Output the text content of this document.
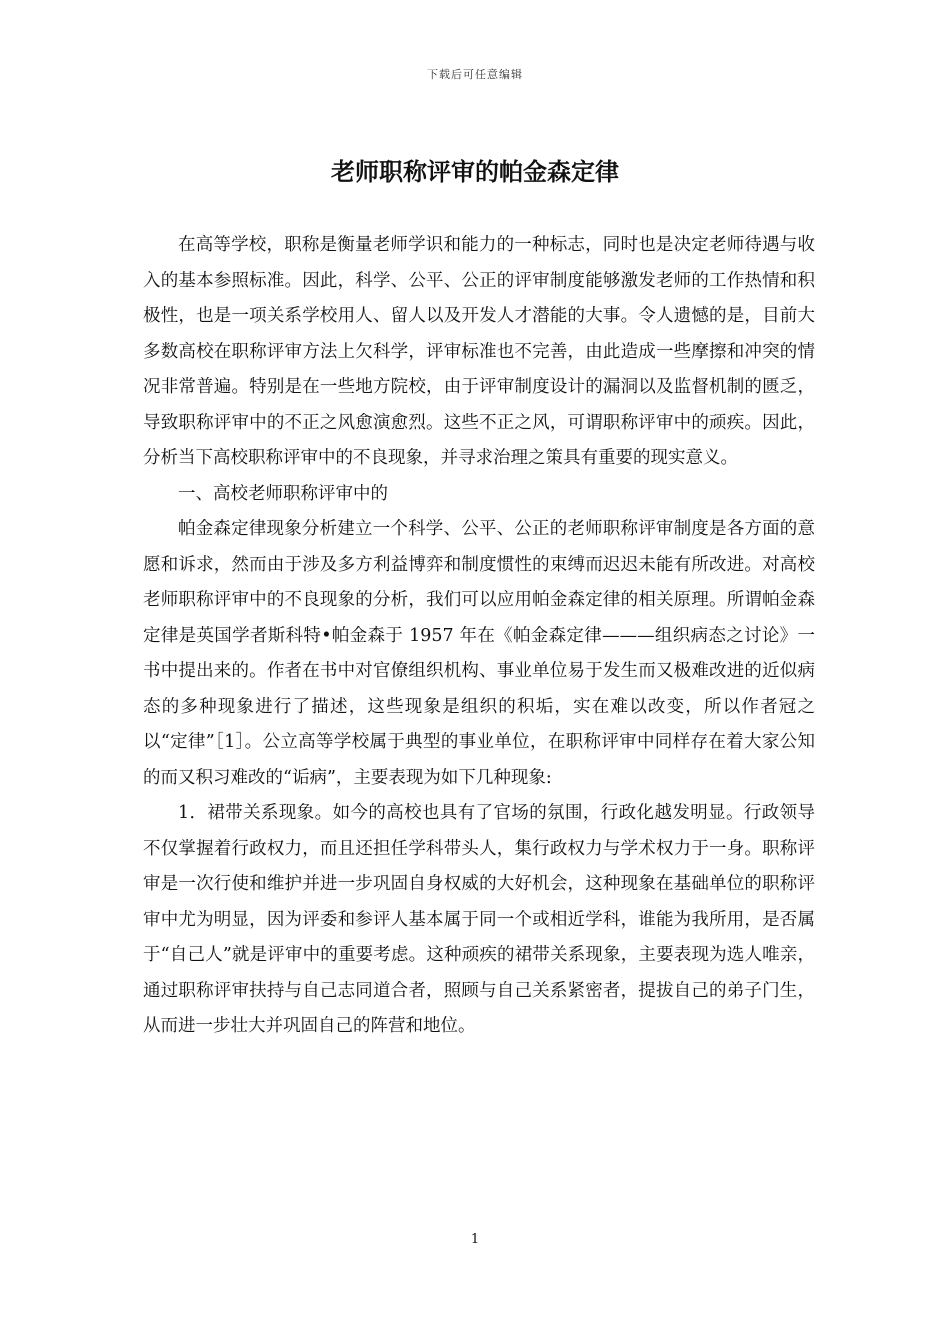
下载后可任意编辑
老师职称评审的帕金森定律

在高等学校，职称是衡量老师学识和能力的一种标志，同时也是决定老师待遇与收入的基本参照标准。因此，科学、公平、公正的评审制度能够激发老师的工作热情和积极性，也是一项关系学校用人、留人以及开发人才潜能的大事。令人遗憾的是，目前大多数高校在职称评审方法上欠科学，评审标准也不完善，由此造成一些摩擦和冲突的情况非常普遍。特别是在一些地方院校，由于评审制度设计的漏洞以及监督机制的匮乏，导致职称评审中的不正之风愈演愈烈。这些不正之风，可谓职称评审中的顽疾。因此，分析当下高校职称评审中的不良现象，并寻求治理之策具有重要的现实意义。

一、高校老师职称评审中的

帕金森定律现象分析建立一个科学、公平、公正的老师职称评审制度是各方面的意愿和诉求，然而由于涉及多方利益博弈和制度惯性的束缚而迟迟未能有所改进。对高校老师职称评审中的不良现象的分析，我们可以应用帕金森定律的相关原理。所谓帕金森定律是英国学者斯科特•帕金森于 1957 年在《帕金森定律———组织病态之讨论》一书中提出来的。作者在书中对官僚组织机构、事业单位易于发生而又极难改进的近似病态的多种现象进行了描述，这些现象是组织的积垢，实在难以改变，所以作者冠之以“定律”［1］。公立高等学校属于典型的事业单位，在职称评审中同样存在着大家公知的而又积习难改的“诟病”，主要表现为如下几种现象:

1．裙带关系现象。如今的高校也具有了官场的氛围，行政化越发明显。行政领导不仅掌握着行政权力，而且还担任学科带头人，集行政权力与学术权力于一身。职称评审是一次行使和维护并进一步巩固自身权威的大好机会，这种现象在基础单位的职称评审中尤为明显，因为评委和参评人基本属于同一个或相近学科，谁能为我所用，是否属于“自己人”就是评审中的重要考虑。这种顽疾的裙带关系现象，主要表现为选人唯亲，通过职称评审扶持与自己志同道合者，照顾与自己关系紧密者，提拔自己的弟子门生，从而进一步壮大并巩固自己的阵营和地位。

1
